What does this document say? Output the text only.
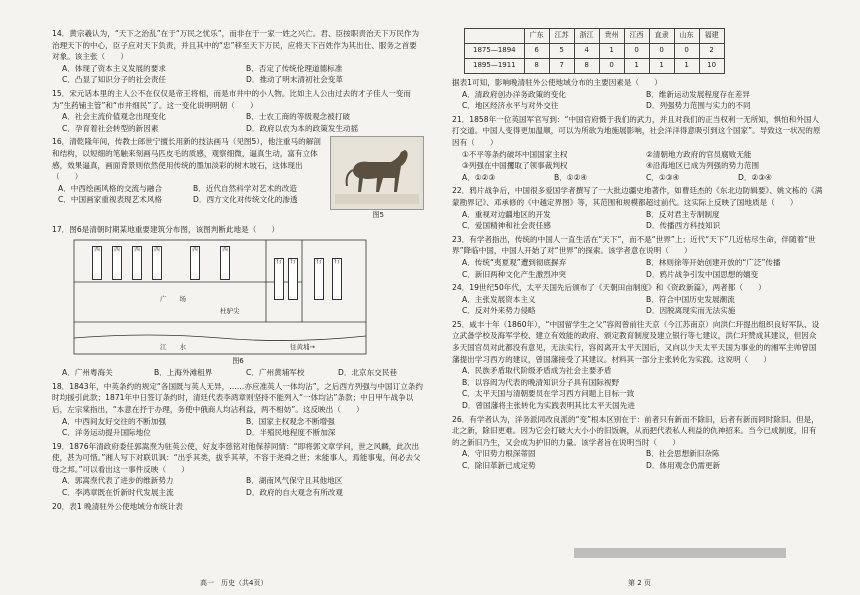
14．黄宗羲认为，“天下之治乱”在于“万民之忧乐”，而非在于一家一姓之兴亡。君、臣按职责治天下万民作为治理天下的中心，臣子应对天下负责，并且其中的“忠”移至天下万民，应将天下百姓作为其出仕、服务之首要对象。该主张（　　）
A．体现了资本主义发展的要求	B．否定了传统伦理道德标准
C．凸显了知识分子的社会责任	D．推动了明末清初社会变革
15．宋元话本里的主人公不在仅仅是帝王将相，而是市井中的小人物。比如主人公由过去的才子佳人一变而为“生药铺主管”和“市井细民”了。这一变化说明明朝（　　）
A．社会主流价值观念出现变化	B．士农工商的等级观念被打破
C．孕育着社会转型的新因素	D．政府以农为本的政策发生动摇
16．清乾隆年间，传教士郎世宁擅长用新的技法画马（见图5），他注重马的解剖和结构，以短细的笔触来刻画马匹皮毛的质感，观察细微，逼真生动，富有立体感，效果逼真，画面背景则依然使用传统的墨加淡彩的树木坡石，这体现出（　　）
A．中西绘画风格的交流与融合	B．近代自然科学对艺术的改造
C．中国画家重视表现艺术风格	D．西方文化对传统文化的渗透
图5
17．图6是清朝时期某地重要建筑分布图，该图判断此地是（　　）
西	西	西	西	西	西
行	行	行	行
广　　场
杜驴尖
江　　水	往黄埔→
图6
A．广州粤海关	B．上海外滩租界	C．广州黄埔军校	D．北京东交民巷
18．1843年，中英条约的规定“各国既与英人无异，……亦应准英人一体均沾”，之后西方列强与中国订立条约时均援引此款；1871年中日签订条约时，清廷代表李鸿章则坚持不能列入“一体均沾”条款；中日甲午战争以后，左宗棠指出，“本意在抒于办理，务使中俄商人均沾利益，两不相妨”。这反映出（　　）
A．中西间友好交往的不断加强	B．国家主权观念不断增强
C．洋务运动提升国际地位	D．半殖民地程度不断加深
19．1876年清政府委任郭嵩焘为驻英公使，好友李慈铭对他保荐同情：“即将郭文章学问，世之风麟，此次出使，甚为可惜。”湘人写下对联讥讽：“出乎其类，拔乎其萃，不容于尧舜之世；未能事人，焉能事鬼，何必去父母之邦。”可以看出这一事件反映（　　）
A．郭嵩焘代表了进步的维新势力	B．湖南风气保守且其他地区
C．李鸿章既在忻新时代发展主流	D．政府的自大观念有所改观
20．表1 晚清驻外公使地域分布统计表
	广东	江苏	浙江	贵州	江西	直隶	山东	福建
1875—1894	6	5	4	1	0	0	0	2
1895—1911	8	7	8	0	1	1	1	10
据表1可知，影响晚清驻外公使地域分布的主要因素是（　　）
A．清政府创办洋务政策的变化	B．维新运动发展程度存在差异
C．地区经济水平与对外交往	D．列强势力范围与实力的不同
21．1858年一位英国军官写到：“中国官府慑于我们的武力，并且对我们的正当权利一无所知，惧怕和外国人打交道。中国人变得更加温顺，可以为所欲为地施展影响，社会洋洋得意吸引到这个国家”。导致这一状况的原因有（　　）
①不平等条约破坏中国国家主权	②清朝地方政府的官员腐败无能
③列强在中国攫取了领事裁判权	④沿海地区已成为列强的势力范围
A．①②③	B．①②④	C．①③④	D．②③④
22．鸦片战争后，中国很多爱国学者撰写了一大批边疆史地著作，如曹廷杰的《东北边防辑要》、姚文栋的《满蒙勘界记》、邓承修的《中越定界图》等，其范围和规模都超过前代。这实际上反映了国地质是（　　）
A．重视对边疆地区的开发	B．反对君主专制制度
C．爱国精神和社会责任感	D．传播西方科技知识
23．有学者指出，传统的中国人一直生活在“天下”，而不是“世界”上；近代“天下”几近枯尽生命，伴随着“世界”降临中国，中国人开始了对“世界”的探索。该学者意在说明（　　）
A．传统“夷夏观”遭到彻底摒弃	B．林则徐等开始创建开放的“广泛”传播
C．新旧两种文化产生激烈冲突	D．鸦片战争引发中国思想的嬗变
24．19世纪50年代，太平天国先后颁布了《天朝田亩制度》和《资政新篇》，两者都（　　）
A．主张发展资本主义	B．符合中国历史发展潮流
C．反对外来势力侵略	D．因脱离现实而无法实施
25．咸丰十年（1860年），“中国留学生之父”容闳曾前往天京（今江苏南京）向洪仁玕提出组织良好军队、设立武备学校及海军学校、建立有效能的政府、颁定教育制度及建立银行等七建议，洪仁玕赞成其建议，但因众多天国官员对此都没有意见，无法实行，容闳离开太平天国后，又向以少天太平天国为事业的的湘军主帅曾国藩提出学习西方的建议，曾国藩接受了其建议。材料其一部分主张转化为实践。这说明（　　）
A．民族矛盾取代阶级矛盾成为社会主要矛盾
B．以容闳为代表的晚清知识分子具有国际视野
C．太平天国与清朝要员在学习西方问题上目标一致
D．曾国藩将主张转化为实践表明其比太平天国先进
26．有学者认为，洋务派同改良派的“变”根本区别在于：前者只有新而不除旧，后者有新而同时除旧。但是，北之新，除旧更难。因为它会打破大大小小的旧饭碗，从而把代表私人利益的仇神招来。当今已成制度，旧有的之新旧乃生，又会成为护旧的力量。该学者旨在说明当时（　　）
A．守旧势力根深蒂固	B．社会思想新旧杂陈
C．除旧革新已成定势	D．体用观念仍需更新
高一　历史（共4页）	第 2 页
